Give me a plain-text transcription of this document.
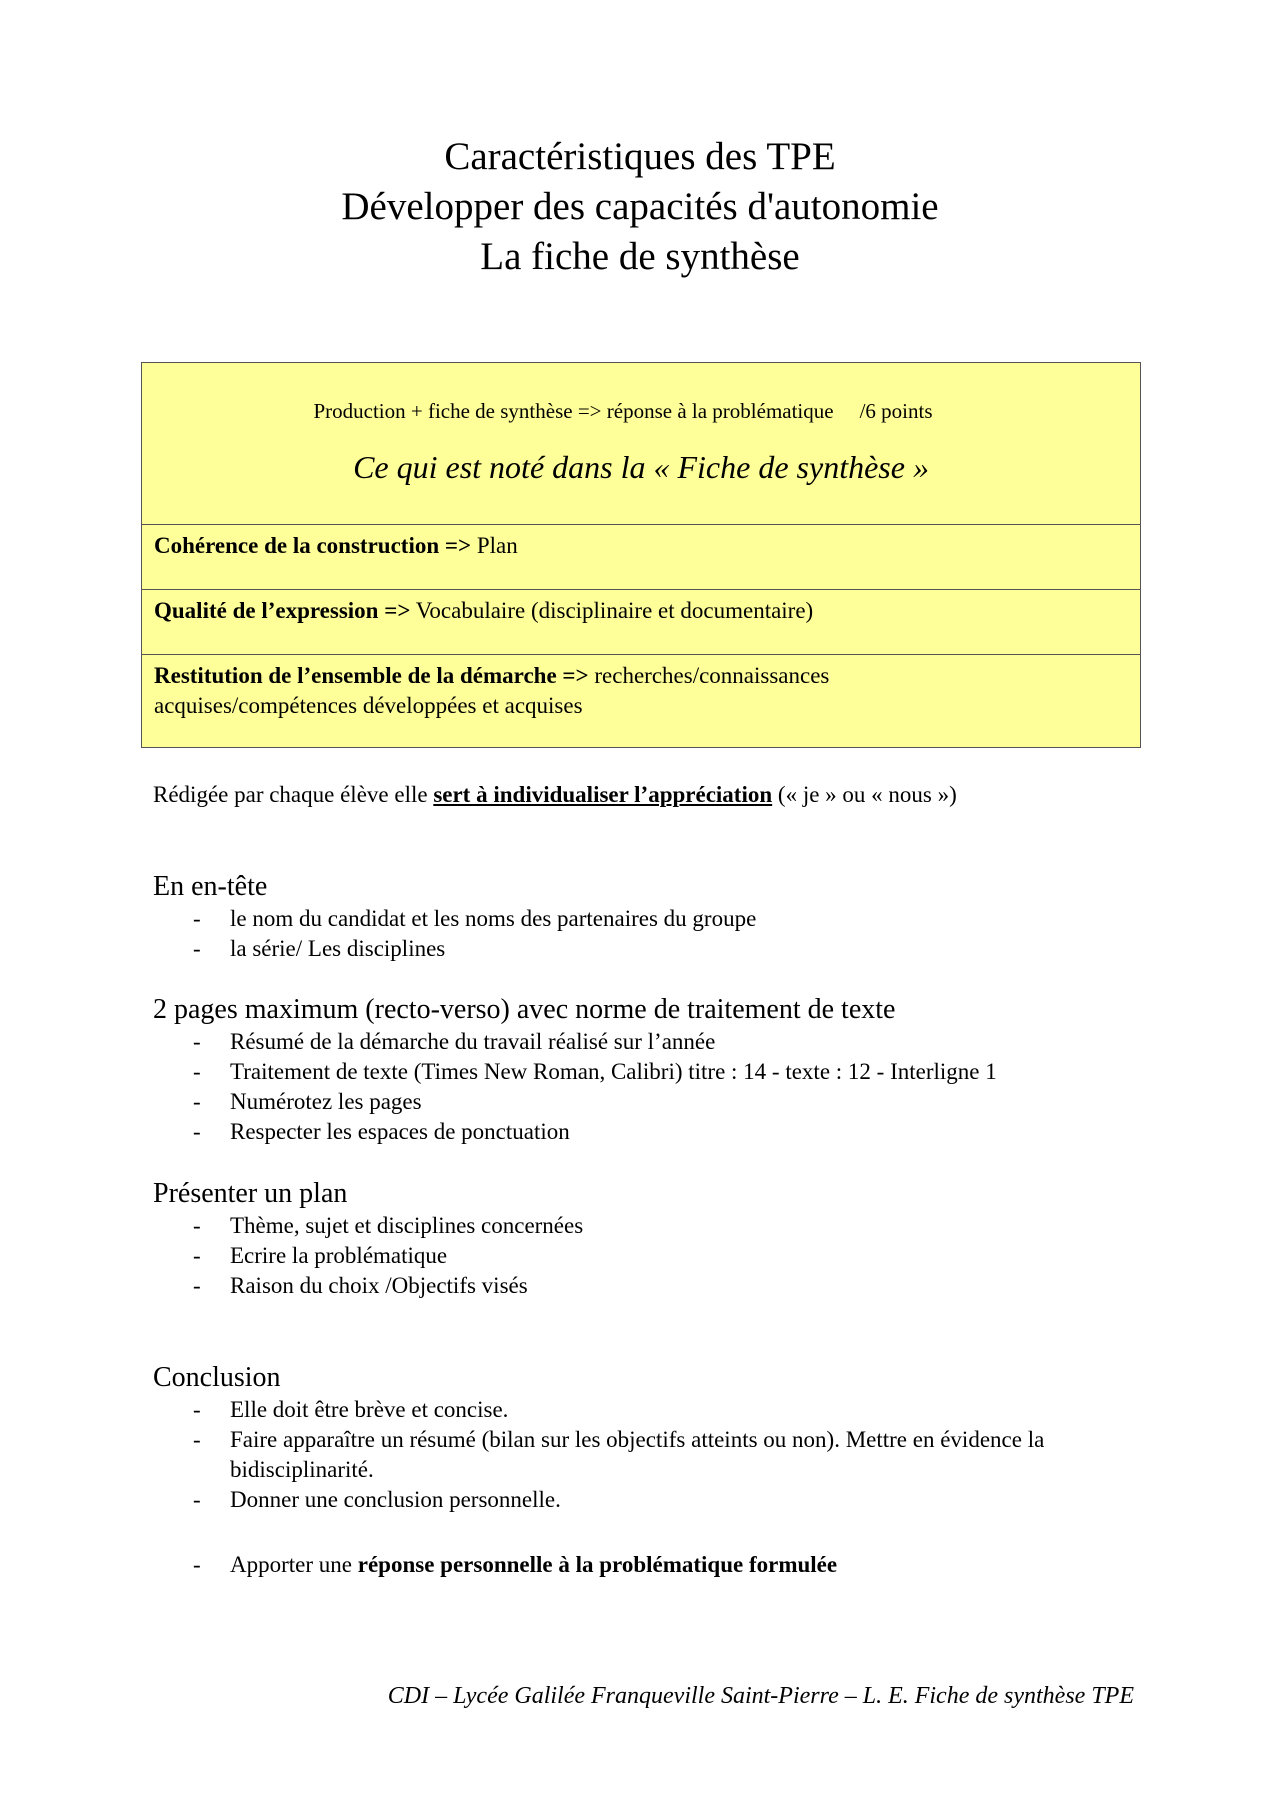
Caractéristiques des TPE
Développer des capacités d'autonomie
La fiche de synthèse
Production + fiche de synthèse => réponse à la problématique /6 points
Ce qui est noté dans la « Fiche de synthèse »
Cohérence de la construction => Plan
Qualité de l’expression => Vocabulaire (disciplinaire et documentaire)
Restitution de l’ensemble de la démarche => recherches/connaissances
acquises/compétences développées et acquises
Rédigée par chaque élève elle sert à individualiser l’appréciation (« je » ou « nous »)
En en-tête
- le nom du candidat et les noms des partenaires du groupe
- la série/ Les disciplines
2 pages maximum (recto-verso) avec norme de traitement de texte
- Résumé de la démarche du travail réalisé sur l’année
- Traitement de texte (Times New Roman, Calibri) titre : 14 - texte : 12 - Interligne 1
- Numérotez les pages
- Respecter les espaces de ponctuation
Présenter un plan
- Thème, sujet et disciplines concernées
- Ecrire la problématique
- Raison du choix /Objectifs visés
Conclusion
- Elle doit être brève et concise.
- Faire apparaître un résumé (bilan sur les objectifs atteints ou non). Mettre en évidence la bidisciplinarité.
- Donner une conclusion personnelle.
- Apporter une réponse personnelle à la problématique formulée
CDI – Lycée Galilée Franqueville Saint-Pierre – L. E. Fiche de synthèse TPE
